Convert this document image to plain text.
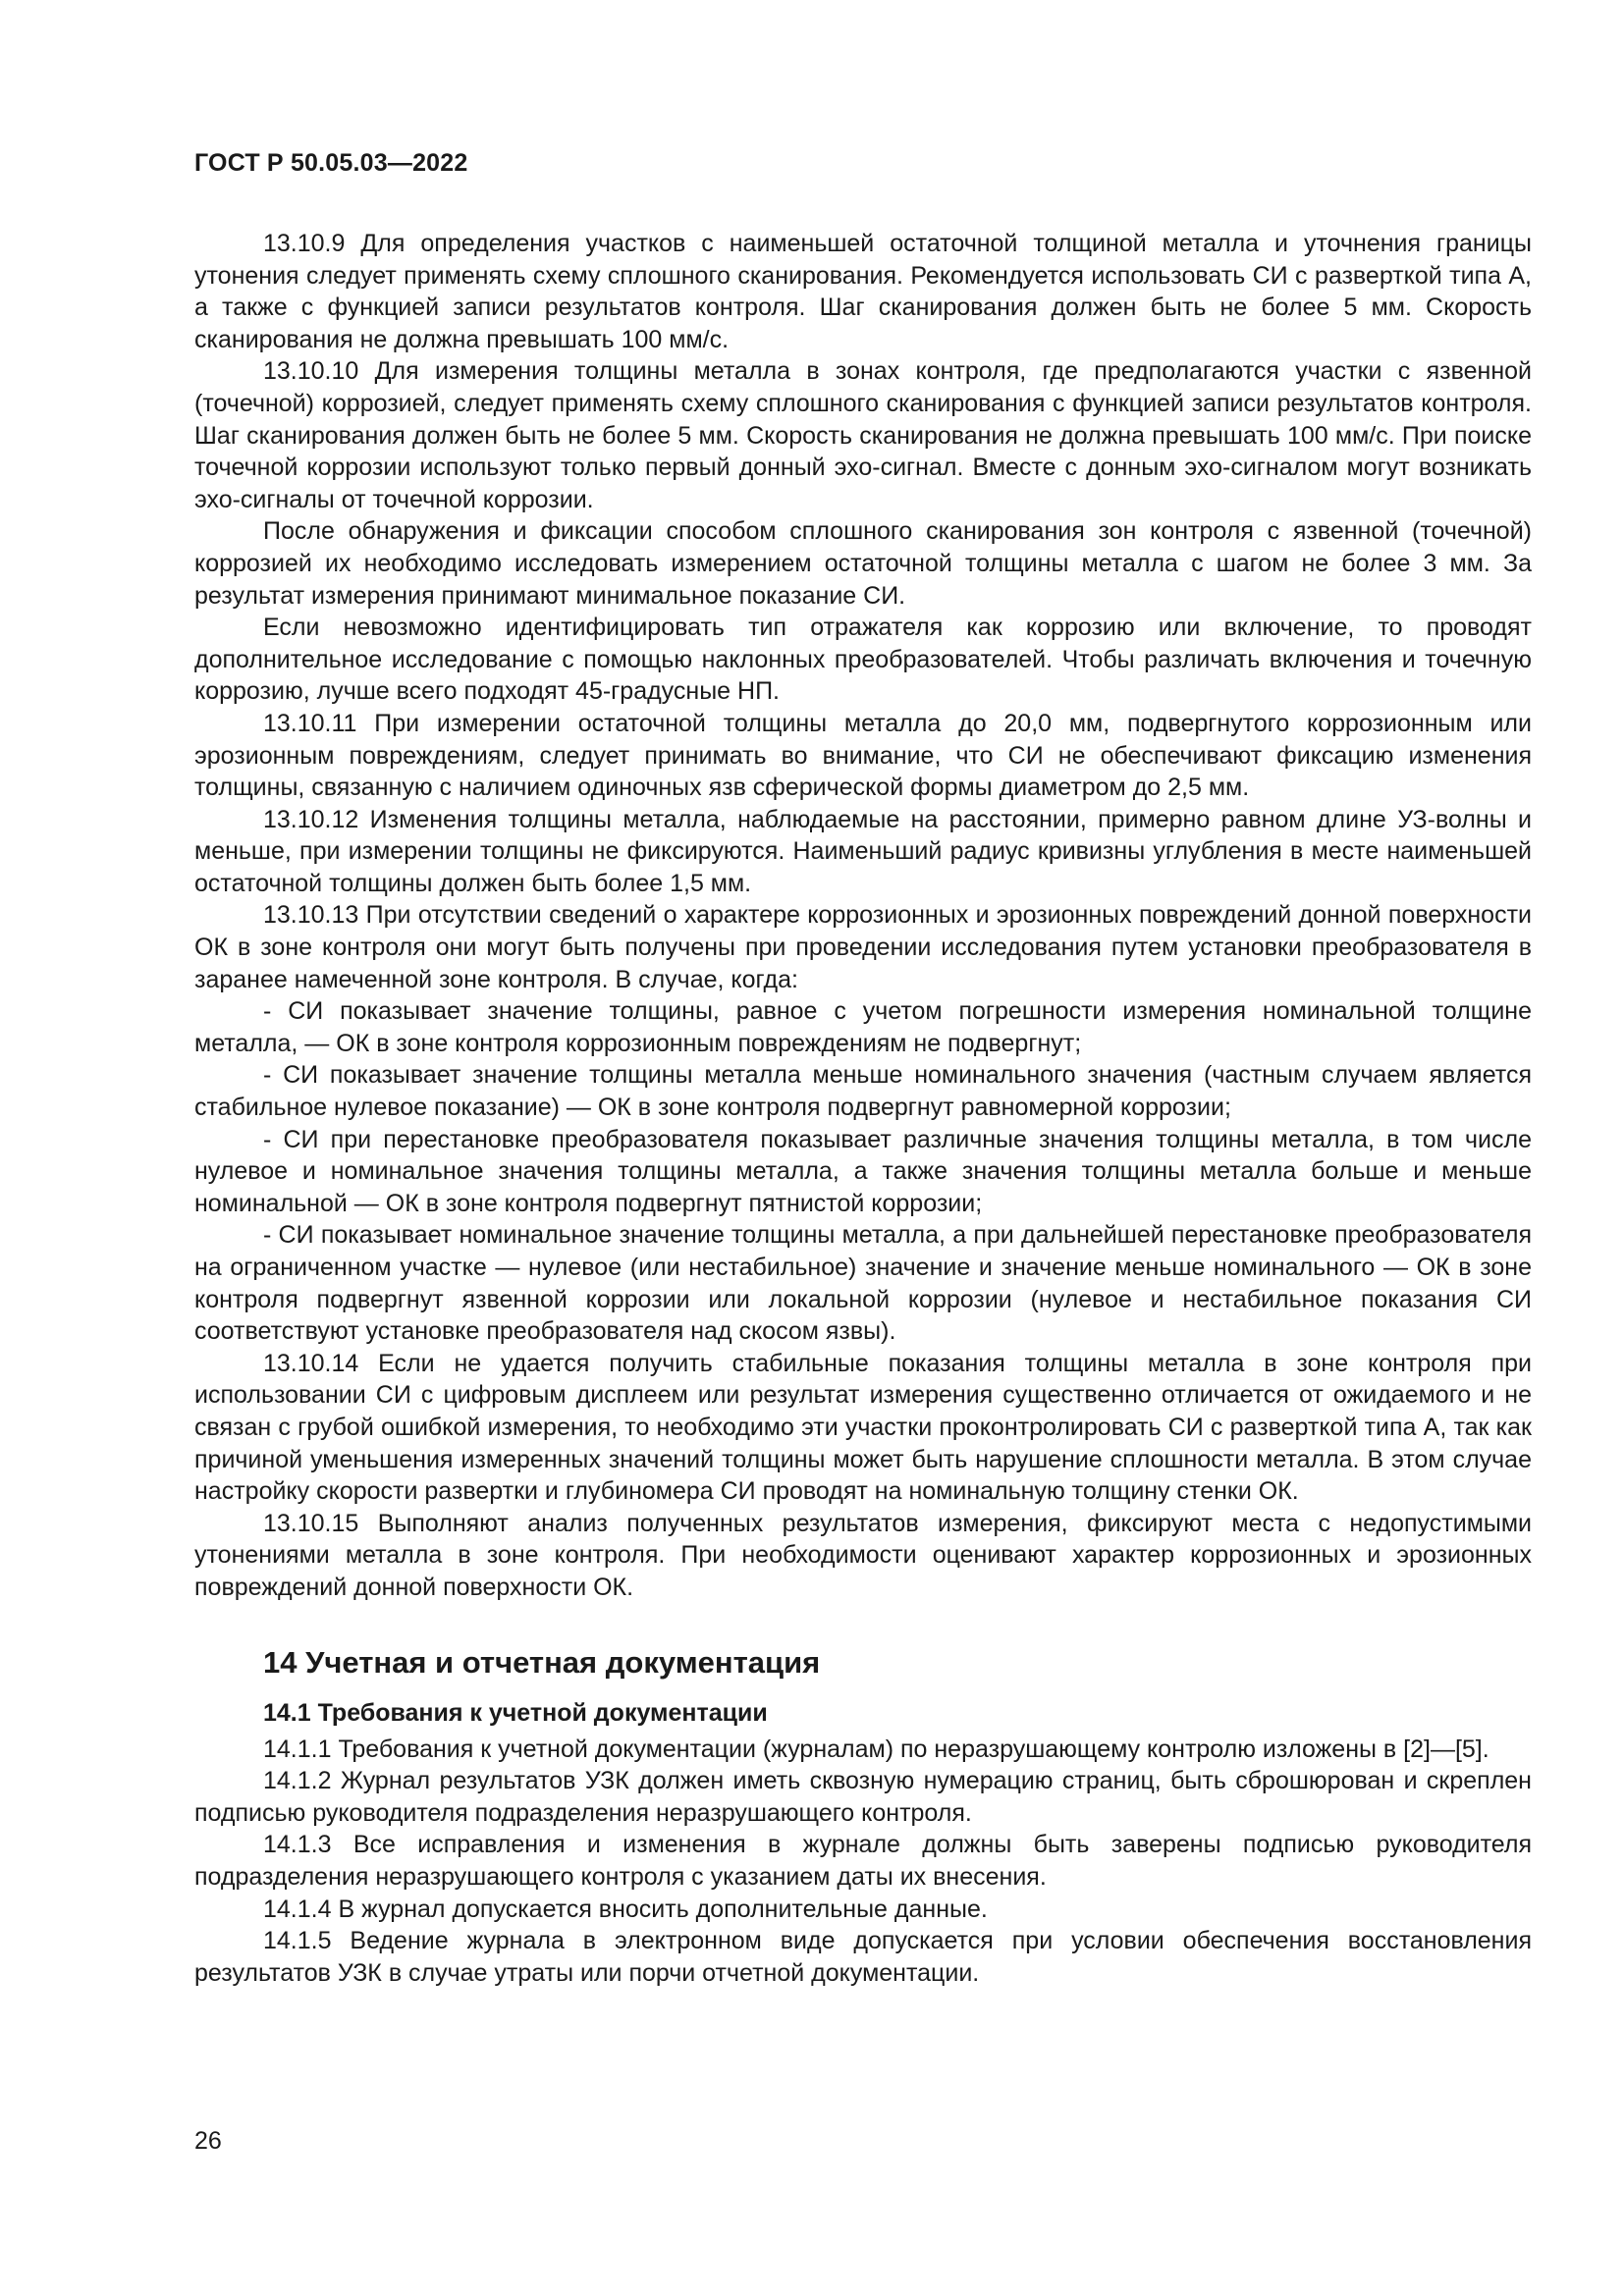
ГОСТ Р 50.05.03—2022

13.10.9 Для определения участков с наименьшей остаточной толщиной металла и уточнения границы утонения следует применять схему сплошного сканирования. Рекомендуется использовать СИ с разверткой типа А, а также с функцией записи результатов контроля. Шаг сканирования должен быть не более 5 мм. Скорость сканирования не должна превышать 100 мм/с.

13.10.10 Для измерения толщины металла в зонах контроля, где предполагаются участки с язвенной (точечной) коррозией, следует применять схему сплошного сканирования с функцией записи результатов контроля. Шаг сканирования должен быть не более 5 мм. Скорость сканирования не должна превышать 100 мм/с. При поиске точечной коррозии используют только первый донный эхо-сигнал. Вместе с донным эхо-сигналом могут возникать эхо-сигналы от точечной коррозии.

После обнаружения и фиксации способом сплошного сканирования зон контроля с язвенной (точечной) коррозией их необходимо исследовать измерением остаточной толщины металла с шагом не более 3 мм. За результат измерения принимают минимальное показание СИ.

Если невозможно идентифицировать тип отражателя как коррозию или включение, то проводят дополнительное исследование с помощью наклонных преобразователей. Чтобы различать включения и точечную коррозию, лучше всего подходят 45-градусные НП.

13.10.11 При измерении остаточной толщины металла до 20,0 мм, подвергнутого коррозионным или эрозионным повреждениям, следует принимать во внимание, что СИ не обеспечивают фиксацию изменения толщины, связанную с наличием одиночных язв сферической формы диаметром до 2,5 мм.

13.10.12 Изменения толщины металла, наблюдаемые на расстоянии, примерно равном длине УЗ-волны и меньше, при измерении толщины не фиксируются. Наименьший радиус кривизны углубления в месте наименьшей остаточной толщины должен быть более 1,5 мм.

13.10.13 При отсутствии сведений о характере коррозионных и эрозионных повреждений донной поверхности ОК в зоне контроля они могут быть получены при проведении исследования путем установки преобразователя в заранее намеченной зоне контроля. В случае, когда:

- СИ показывает значение толщины, равное с учетом погрешности измерения номинальной толщине металла, — ОК в зоне контроля коррозионным повреждениям не подвергнут;

- СИ показывает значение толщины металла меньше номинального значения (частным случаем является стабильное нулевое показание) — ОК в зоне контроля подвергнут равномерной коррозии;

- СИ при перестановке преобразователя показывает различные значения толщины металла, в том числе нулевое и номинальное значения толщины металла, а также значения толщины металла больше и меньше номинальной — ОК в зоне контроля подвергнут пятнистой коррозии;

- СИ показывает номинальное значение толщины металла, а при дальнейшей перестановке преобразователя на ограниченном участке — нулевое (или нестабильное) значение и значение меньше номинального — ОК в зоне контроля подвергнут язвенной коррозии или локальной коррозии (нулевое и нестабильное показания СИ соответствуют установке преобразователя над скосом язвы).

13.10.14 Если не удается получить стабильные показания толщины металла в зоне контроля при использовании СИ с цифровым дисплеем или результат измерения существенно отличается от ожидаемого и не связан с грубой ошибкой измерения, то необходимо эти участки проконтролировать СИ с разверткой типа А, так как причиной уменьшения измеренных значений толщины может быть нарушение сплошности металла. В этом случае настройку скорости развертки и глубиномера СИ проводят на номинальную толщину стенки ОК.

13.10.15 Выполняют анализ полученных результатов измерения, фиксируют места с недопустимыми утонениями металла в зоне контроля. При необходимости оценивают характер коррозионных и эрозионных повреждений донной поверхности ОК.

14 Учетная и отчетная документация
14.1 Требования к учетной документации

14.1.1 Требования к учетной документации (журналам) по неразрушающему контролю изложены в [2]—[5].

14.1.2 Журнал результатов УЗК должен иметь сквозную нумерацию страниц, быть сброшюрован и скреплен подписью руководителя подразделения неразрушающего контроля.

14.1.3 Все исправления и изменения в журнале должны быть заверены подписью руководителя подразделения неразрушающего контроля с указанием даты их внесения.

14.1.4 В журнал допускается вносить дополнительные данные.

14.1.5 Ведение журнала в электронном виде допускается при условии обеспечения восстановления результатов УЗК в случае утраты или порчи отчетной документации.

26
